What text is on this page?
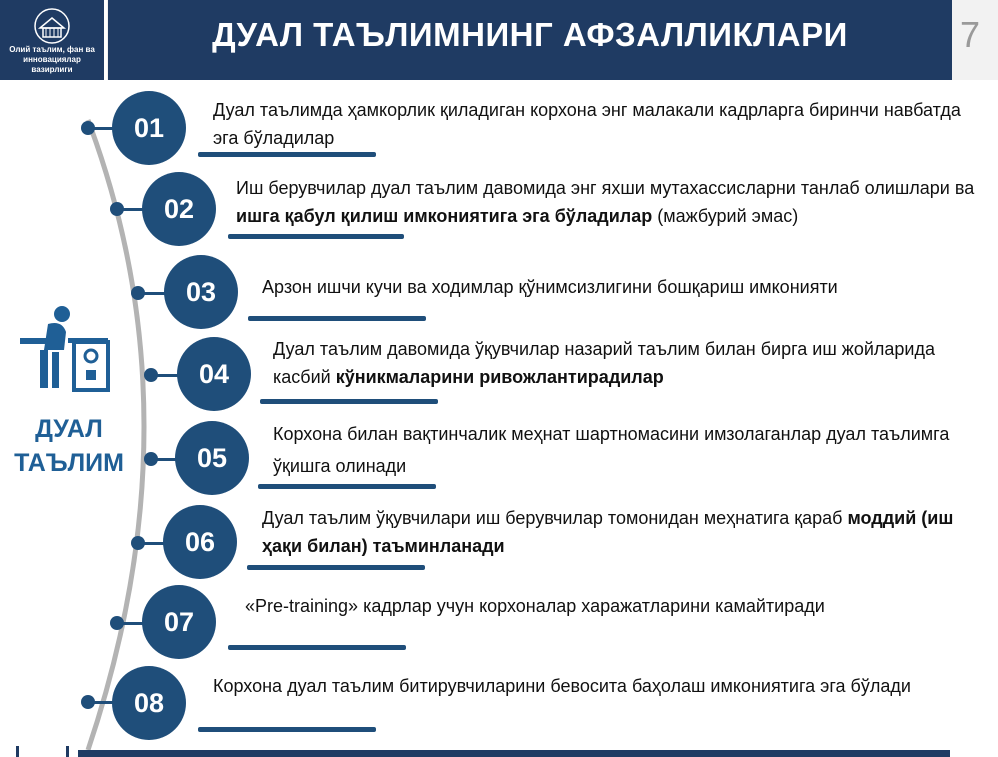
Олий таълим, фан ва инновациялар вазирлиги
ДУАЛ ТАЪЛИМНИНГ АФЗАЛЛИКЛАРИ	7
ДУАЛ
ТАЪЛИМ
01
Дуал таълимда ҳамкорлик қиладиган корхона энг малакали кадрларга биринчи навбатда эга бўладилар
02
Иш берувчилар дуал таълим давомида энг яхши мутахассисларни танлаб олишлари ва ишга қабул қилиш имкониятига эга бўладилар (мажбурий эмас)
03	Арзон ишчи кучи ва ходимлар қўнимсизлигини бошқариш имконияти
04
Дуал таълим давомида ўқувчилар назарий таълим билан бирга иш жойларида касбий кўникмаларини ривожлантирадилар
05
Корхона билан вақтинчалик меҳнат шартномасини имзолаганлар дуал таълимга ўқишга олинади
06
Дуал таълим ўқувчилари иш берувчилар томонидан меҳнатига қараб моддий (иш ҳақи билан) таъминланади
07
«Pre-training» кадрлар учун корхоналар харажатларини камайтиради
08
Корхона дуал таълим битирувчиларини бевосита баҳолаш имкониятига эга бўлади
